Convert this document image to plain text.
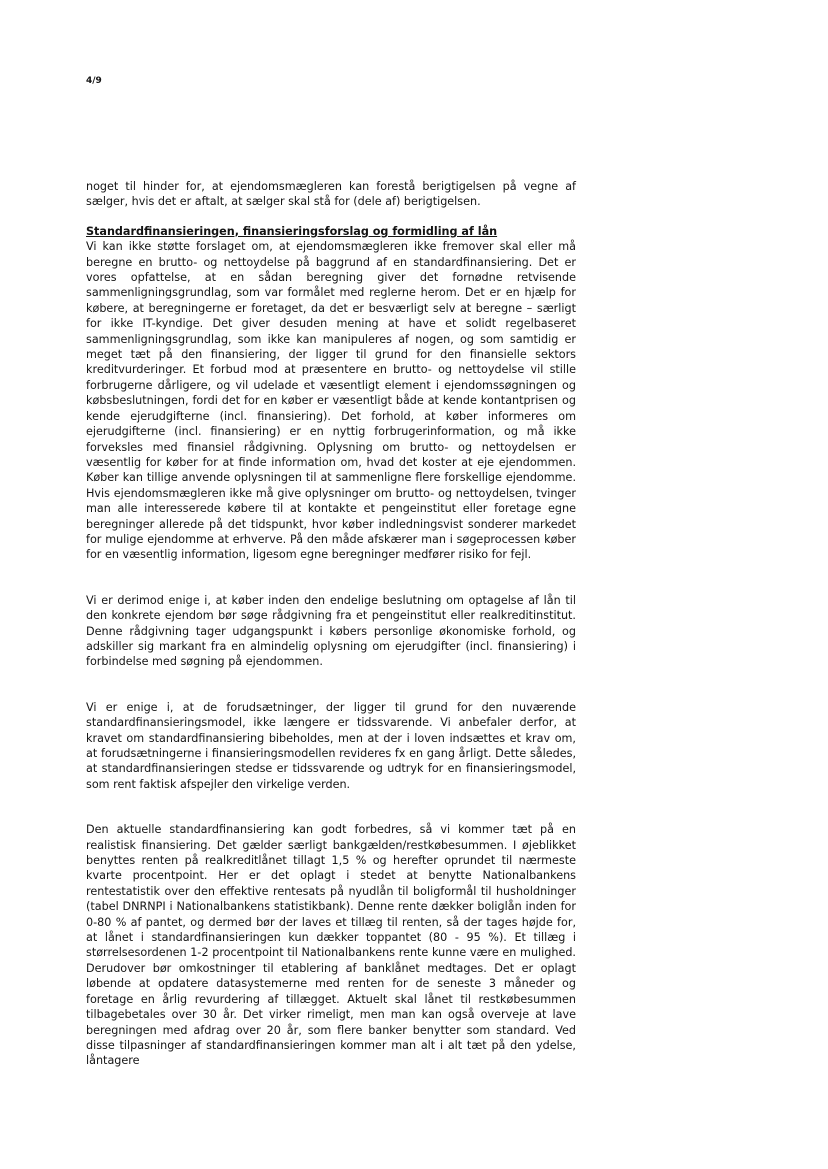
4/9

noget til hinder for, at ejendomsmægleren kan forestå berigtigelsen på vegne af sælger, hvis det er aftalt, at sælger skal stå for (dele af) berigtigelsen.

Standardfinansieringen, finansieringsforslag og formidling af lån

Vi kan ikke støtte forslaget om, at ejendomsmægleren ikke fremover skal eller må beregne en brutto- og nettoydelse på baggrund af en standardfinansiering. Det er vores opfattelse, at en sådan beregning giver det fornødne retvisende sammenligningsgrundlag, som var formålet med reglerne herom. Det er en hjælp for købere, at beregningerne er foretaget, da det er besværligt selv at beregne – særligt for ikke IT-kyndige. Det giver desuden mening at have et solidt regelbaseret sammenligningsgrundlag, som ikke kan manipuleres af nogen, og som samtidig er meget tæt på den finansiering, der ligger til grund for den finansielle sektors kreditvurderinger. Et forbud mod at præsentere en brutto- og nettoydelse vil stille forbrugerne dårligere, og vil udelade et væsentligt element i ejendomssøgningen og købsbeslutningen, fordi det for en køber er væsentligt både at kende kontantprisen og kende ejerudgifterne (incl. finansiering). Det forhold, at køber informeres om ejerudgifterne (incl. finansiering) er en nyttig forbrugerinformation, og må ikke forveksles med finansiel rådgivning. Oplysning om brutto- og nettoydelsen er væsentlig for køber for at finde information om, hvad det koster at eje ejendommen. Køber kan tillige anvende oplysningen til at sammenligne flere forskellige ejendomme. Hvis ejendomsmægleren ikke må give oplysninger om brutto- og nettoydelsen, tvinger man alle interesserede købere til at kontakte et pengeinstitut eller foretage egne beregninger allerede på det tidspunkt, hvor køber indledningsvist sonderer markedet for mulige ejendomme at erhverve. På den måde afskærer man i søgeprocessen køber for en væsentlig information, ligesom egne beregninger medfører risiko for fejl.

Vi er derimod enige i, at køber inden den endelige beslutning om optagelse af lån til den konkrete ejendom bør søge rådgivning fra et pengeinstitut eller realkreditinstitut. Denne rådgivning tager udgangspunkt i købers personlige økonomiske forhold, og adskiller sig markant fra en almindelig oplysning om ejerudgifter (incl. finansiering) i forbindelse med søgning på ejendommen.

Vi er enige i, at de forudsætninger, der ligger til grund for den nuværende standardfinansieringsmodel, ikke længere er tidssvarende. Vi anbefaler derfor, at kravet om standardfinansiering bibeholdes, men at der i loven indsættes et krav om, at forudsætningerne i finansieringsmodellen revideres fx en gang årligt. Dette således, at standardfinansieringen stedse er tidssvarende og udtryk for en finansieringsmodel, som rent faktisk afspejler den virkelige verden.

Den aktuelle standardfinansiering kan godt forbedres, så vi kommer tæt på en realistisk finansiering. Det gælder særligt bankgælden/restkøbesummen. I øjeblikket benyttes renten på realkreditlånet tillagt 1,5 % og herefter oprundet til nærmeste kvarte procentpoint. Her er det oplagt i stedet at benytte Nationalbankens rentestatistik over den effektive rentesats på nyudlån til boligformål til husholdninger (tabel DNRNPI i Nationalbankens statistikbank). Denne rente dækker boliglån inden for 0-80 % af pantet, og dermed bør der laves et tillæg til renten, så der tages højde for, at lånet i standardfinansieringen kun dækker toppantet (80 - 95 %). Et tillæg i størrelsesordenen 1-2 procentpoint til Nationalbankens rente kunne være en mulighed. Derudover bør omkostninger til etablering af banklånet medtages. Det er oplagt løbende at opdatere datasystemerne med renten for de seneste 3 måneder og foretage en årlig revurdering af tillægget. Aktuelt skal lånet til restkøbesummen tilbagebetales over 30 år. Det virker rimeligt, men man kan også overveje at lave beregningen med afdrag over 20 år, som flere banker benytter som standard. Ved disse tilpasninger af standardfinansieringen kommer man alt i alt tæt på den ydelse, låntagere
